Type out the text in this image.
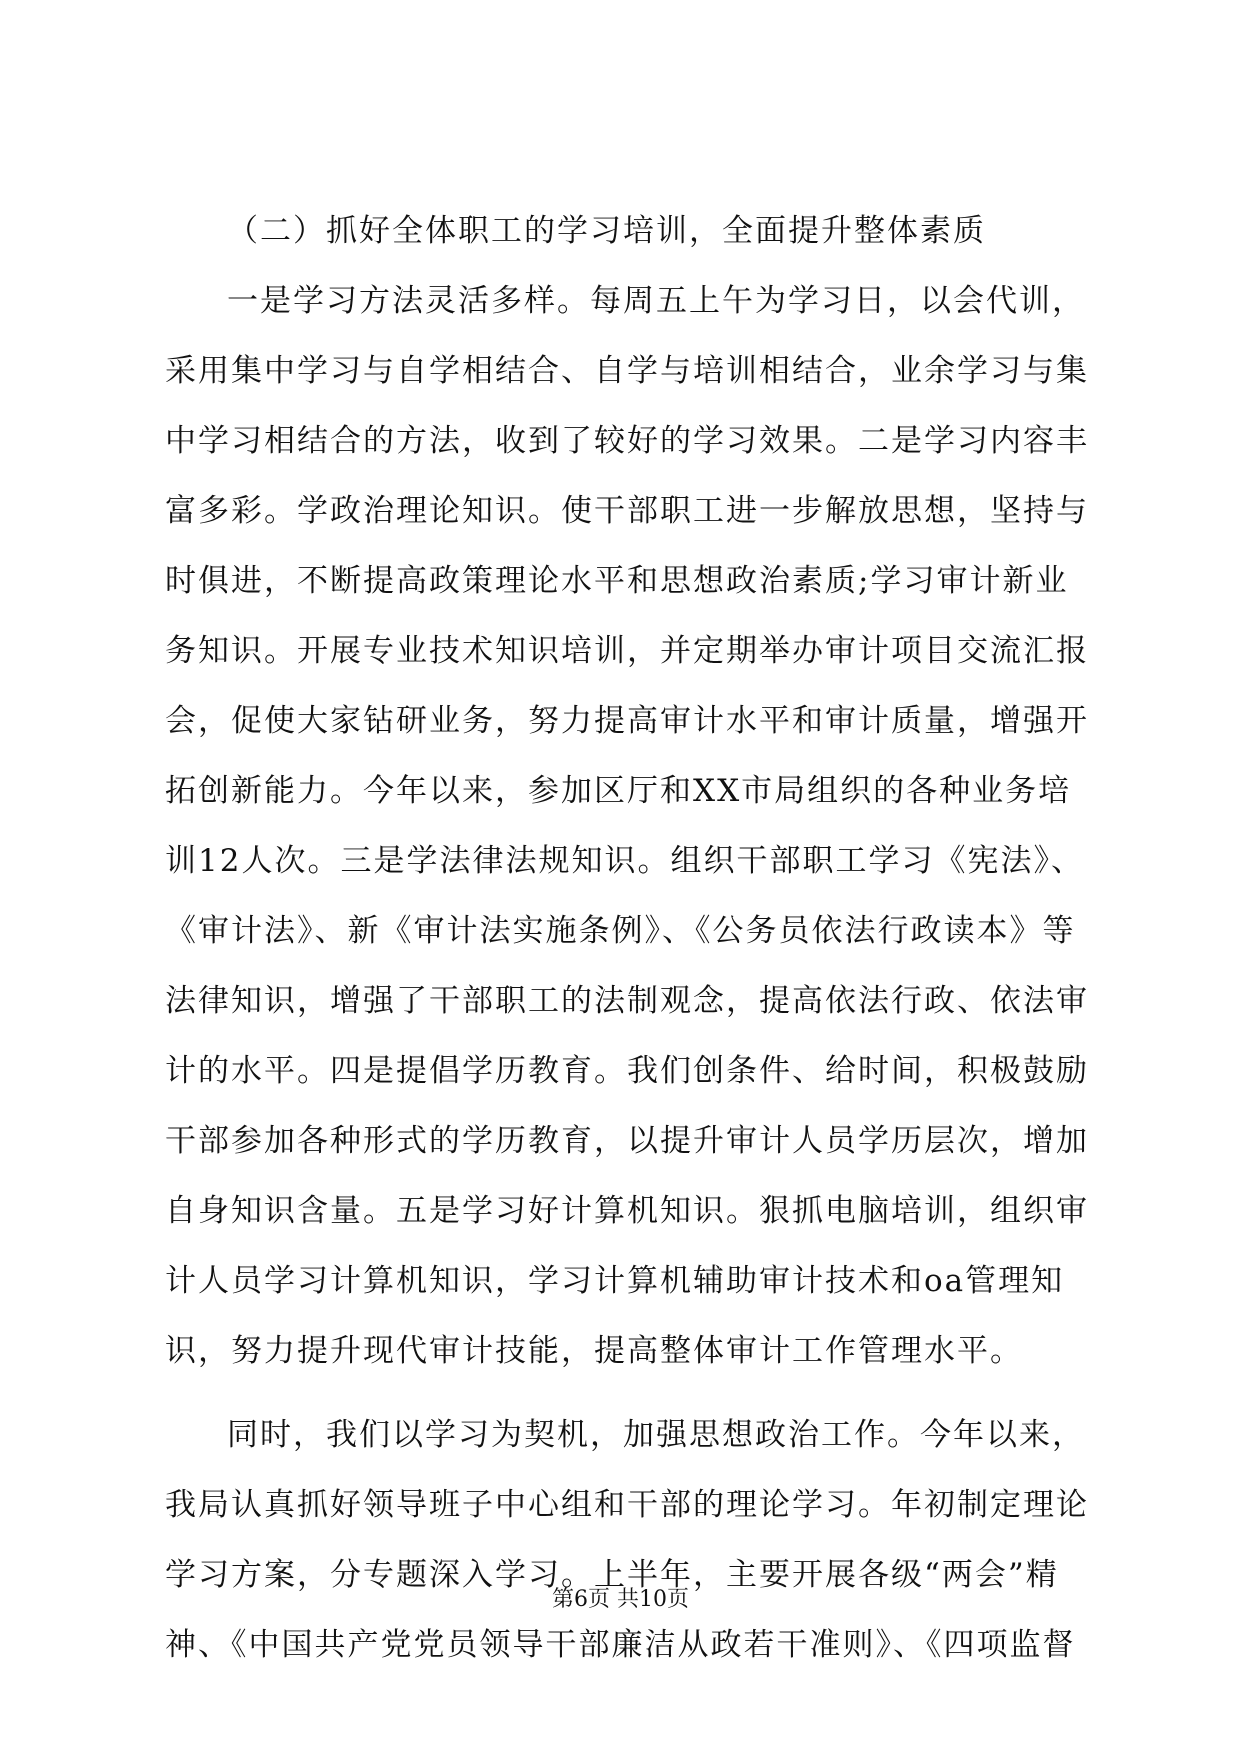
（二）抓好全体职工的学习培训，全面提升整体素质

一是学习方法灵活多样。每周五上午为学习日，以会代训，

采用集中学习与自学相结合、自学与培训相结合，业余学习与集

中学习相结合的方法，收到了较好的学习效果。二是学习内容丰

富多彩。学政治理论知识。使干部职工进一步解放思想，坚持与

时俱进，不断提高政策理论水平和思想政治素质;学习审计新业

务知识。开展专业技术知识培训，并定期举办审计项目交流汇报

会，促使大家钻研业务，努力提高审计水平和审计质量，增强开

拓创新能力。今年以来，参加区厅和XX市局组织的各种业务培

训12人次。三是学法律法规知识。组织干部职工学习《宪法》、

《审计法》、新《审计法实施条例》、《公务员依法行政读本》等

法律知识，增强了干部职工的法制观念，提高依法行政、依法审

计的水平。四是提倡学历教育。我们创条件、给时间，积极鼓励

干部参加各种形式的学历教育，以提升审计人员学历层次，增加

自身知识含量。五是学习好计算机知识。狠抓电脑培训，组织审

计人员学习计算机知识，学习计算机辅助审计技术和oa管理知

识，努力提升现代审计技能，提高整体审计工作管理水平。

同时，我们以学习为契机，加强思想政治工作。今年以来，

我局认真抓好领导班子中心组和干部的理论学习。年初制定理论

学习方案，分专题深入学习。上半年，主要开展各级“两会”精

神、《中国共产党党员领导干部廉洁从政若干准则》、《四项监督

第6页 共10页
